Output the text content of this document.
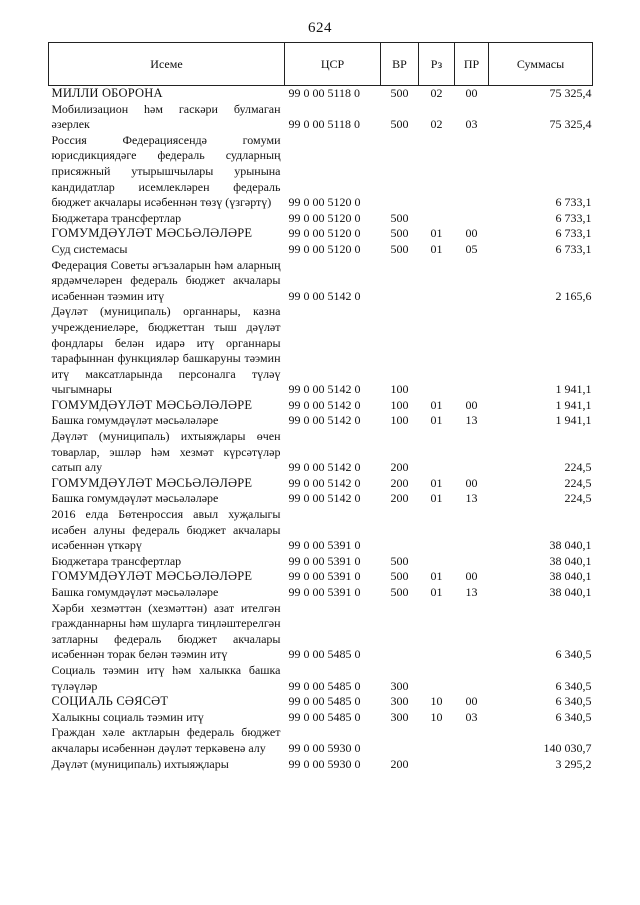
624
Исеме	ЦСР	ВР	Рз	ПР	Суммасы
МИЛЛИ ОБОРОНА	99 0 00 5118 0	500	02	00	75 325,4
Мобилизацион һәм гаскәри булмаган әзерлек	99 0 00 5118 0	500	02	03	75 325,4
Россия Федерациясендә гомуми юрисдикциядәге федераль судларның присяжный утырышчылары урынына кандидатлар исемлекләрен федераль бюджет акчалары исәбеннән төзү (үзгәртү)	99 0 00 5120 0				6 733,1
Бюджетара трансфертлар	99 0 00 5120 0	500			6 733,1
ГОМУМДӘҮЛӘТ МӘСЬӘЛӘЛӘРЕ	99 0 00 5120 0	500	01	00	6 733,1
Суд системасы	99 0 00 5120 0	500	01	05	6 733,1
Федерация Советы әгъзаларын һәм аларның ярдәмчеләрен федераль бюджет акчалары исәбеннән тәэмин итү	99 0 00 5142 0				2 165,6
Дәүләт (муниципаль) органнары, казна учреждениеләре, бюджеттан тыш дәүләт фондлары белән идарә итү органнары тарафыннан функцияләр башкаруны тәэмин итү максатларында персоналга түләү чыгымнары	99 0 00 5142 0	100			1 941,1
ГОМУМДӘҮЛӘТ МӘСЬӘЛӘЛӘРЕ	99 0 00 5142 0	100	01	00	1 941,1
Башка гомумдәүләт мәсьәләләре	99 0 00 5142 0	100	01	13	1 941,1
Дәүләт (муниципаль) ихтыяҗлары өчен товарлар, эшләр һәм хезмәт күрсәтүләр сатып алу	99 0 00 5142 0	200			224,5
ГОМУМДӘҮЛӘТ МӘСЬӘЛӘЛӘРЕ	99 0 00 5142 0	200	01	00	224,5
Башка гомумдәүләт мәсьәләләре	99 0 00 5142 0	200	01	13	224,5
2016 елда Бөтенроссия авыл хуҗалыгы исәбен алуны федераль бюджет акчалары исәбеннән үткәрү	99 0 00 5391 0				38 040,1
Бюджетара трансфертлар	99 0 00 5391 0	500			38 040,1
ГОМУМДӘҮЛӘТ МӘСЬӘЛӘЛӘРЕ	99 0 00 5391 0	500	01	00	38 040,1
Башка гомумдәүләт мәсьәләләре	99 0 00 5391 0	500	01	13	38 040,1
Хәрби хезмәттән (хезмәттән) азат ителгән гражданнарны һәм шуларга тиңләштерелгән затларны федераль бюджет акчалары исәбеннән торак белән тәэмин итү	99 0 00 5485 0				6 340,5
Социаль тәэмин итү һәм халыкка башка түләүләр	99 0 00 5485 0	300			6 340,5
СОЦИАЛЬ СӘЯСӘТ	99 0 00 5485 0	300	10	00	6 340,5
Халыкны социаль тәэмин итү	99 0 00 5485 0	300	10	03	6 340,5
Граждан хәле актларын федераль бюджет акчалары исәбеннән дәүләт теркәвенә алу	99 0 00 5930 0				140 030,7
Дәүләт (муниципаль) ихтыяҗлары	99 0 00 5930 0	200			3 295,2
